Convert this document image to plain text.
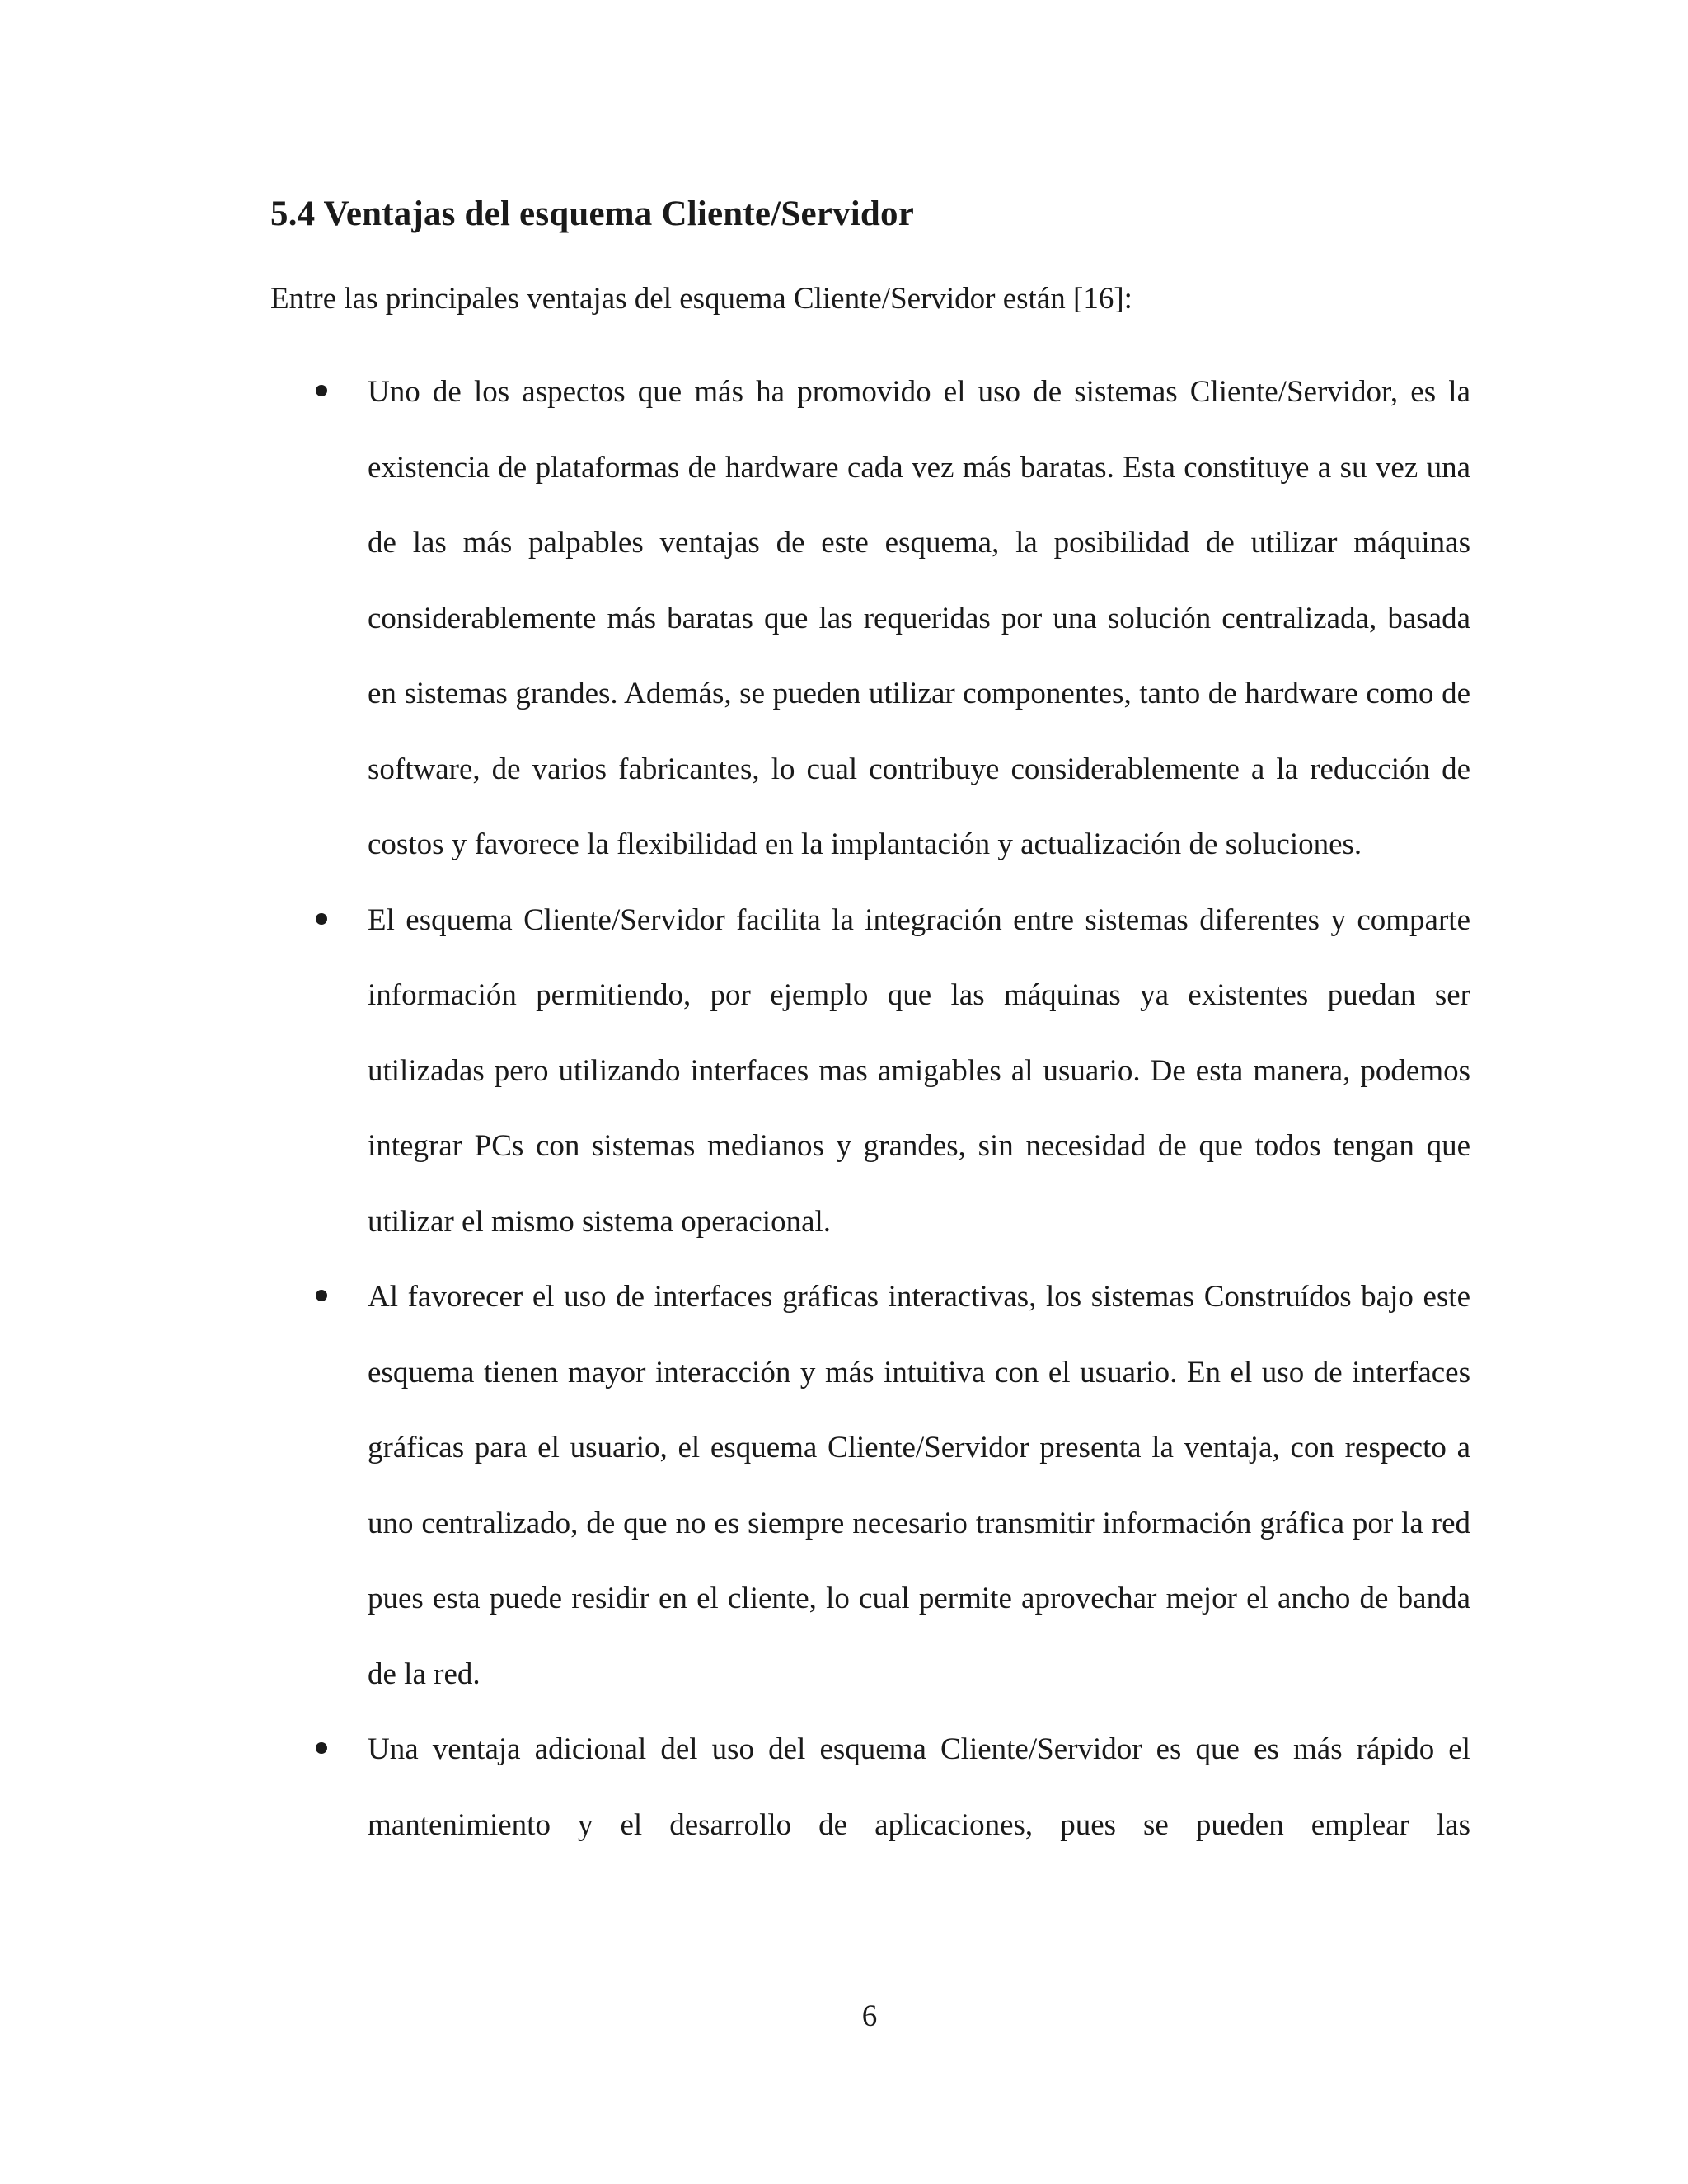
5.4 Ventajas del esquema Cliente/Servidor

Entre las principales ventajas del esquema Cliente/Servidor están [16]:

Uno de los aspectos que más ha promovido el uso de sistemas Cliente/Servidor, es la existencia de plataformas de hardware cada vez más baratas. Esta constituye a su vez una de las más palpables ventajas de este esquema, la posibilidad de utilizar máquinas considerablemente más baratas que las requeridas por una solución centralizada, basada en sistemas grandes. Además, se pueden utilizar componentes, tanto de hardware como de software, de varios fabricantes, lo cual contribuye considerablemente a la reducción de costos y favorece la flexibilidad en la implantación y actualización de soluciones.
El esquema Cliente/Servidor facilita la integración entre sistemas diferentes y comparte información permitiendo, por ejemplo que las máquinas ya existentes puedan ser utilizadas pero utilizando interfaces mas amigables al usuario. De esta manera, podemos integrar PCs con sistemas medianos y grandes, sin necesidad de que todos tengan que utilizar el mismo sistema operacional.
Al favorecer el uso de interfaces gráficas interactivas, los sistemas Construídos bajo este esquema tienen mayor interacción y más intuitiva con el usuario. En el uso de interfaces gráficas para el usuario, el esquema Cliente/Servidor presenta la ventaja, con respecto a uno centralizado, de que no es siempre necesario transmitir información gráfica por la red pues esta puede residir en el cliente, lo cual permite aprovechar mejor el ancho de banda de la red.
Una ventaja adicional del uso del esquema Cliente/Servidor es que es más rápido el mantenimiento y el desarrollo de aplicaciones, pues se pueden emplear las

6
